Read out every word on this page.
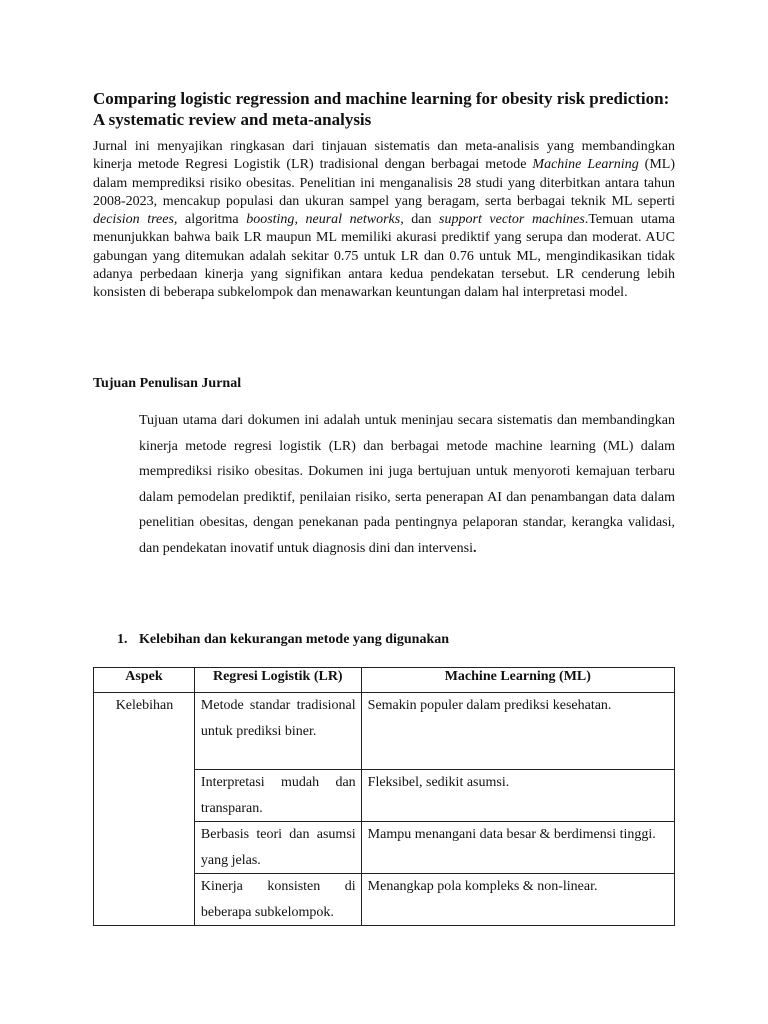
Comparing logistic regression and machine learning for obesity risk prediction: A systematic review and meta-analysis

Jurnal ini menyajikan ringkasan dari tinjauan sistematis dan meta-analisis yang membandingkan kinerja metode Regresi Logistik (LR) tradisional dengan berbagai metode Machine Learning (ML) dalam memprediksi risiko obesitas. Penelitian ini menganalisis 28 studi yang diterbitkan antara tahun 2008-2023, mencakup populasi dan ukuran sampel yang beragam, serta berbagai teknik ML seperti decision trees, algoritma boosting, neural networks, dan support vector machines.Temuan utama menunjukkan bahwa baik LR maupun ML memiliki akurasi prediktif yang serupa dan moderat. AUC gabungan yang ditemukan adalah sekitar 0.75 untuk LR dan 0.76 untuk ML, mengindikasikan tidak adanya perbedaan kinerja yang signifikan antara kedua pendekatan tersebut. LR cenderung lebih konsisten di beberapa subkelompok dan menawarkan keuntungan dalam hal interpretasi model.

Tujuan Penulisan Jurnal

Tujuan utama dari dokumen ini adalah untuk meninjau secara sistematis dan membandingkan kinerja metode regresi logistik (LR) dan berbagai metode machine learning (ML) dalam memprediksi risiko obesitas. Dokumen ini juga bertujuan untuk menyoroti kemajuan terbaru dalam pemodelan prediktif, penilaian risiko, serta penerapan AI dan penambangan data dalam penelitian obesitas, dengan penekanan pada pentingnya pelaporan standar, kerangka validasi, dan pendekatan inovatif untuk diagnosis dini dan intervensi.

1. Kelebihan dan kekurangan metode yang digunakan
Aspek	Regresi Logistik (LR)	Machine Learning (ML)
Kelebihan	Metode standar tradisional untuk prediksi biner.	Semakin populer dalam prediksi kesehatan.
	Interpretasi mudah dan transparan.	Fleksibel, sedikit asumsi.
	Berbasis teori dan asumsi yang jelas.	Mampu menangani data besar & berdimensi tinggi.
	Kinerja konsisten di beberapa subkelompok.	Menangkap pola kompleks & non-linear.
